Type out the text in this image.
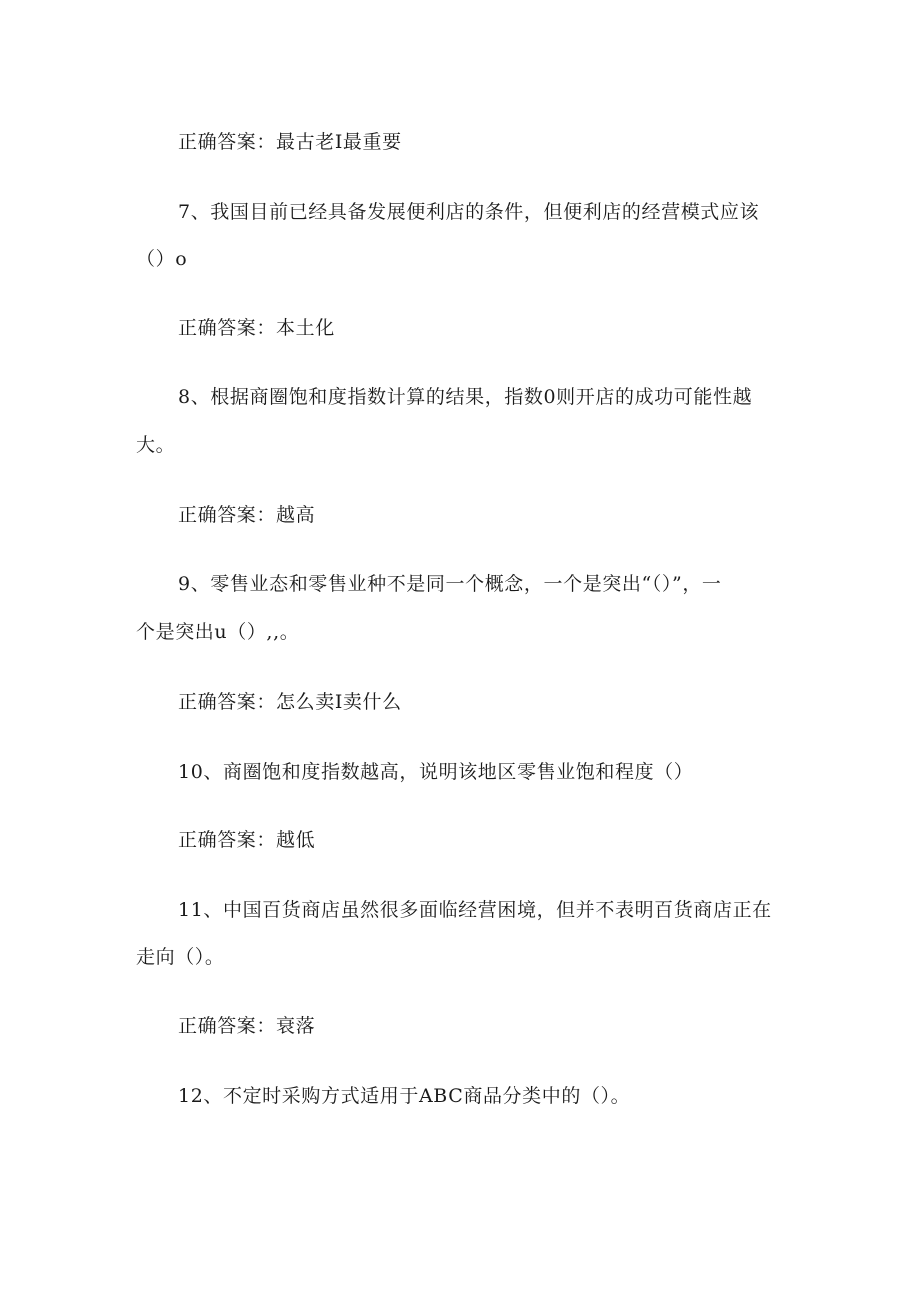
正确答案：最古老Ⅰ最重要
7、我国目前已经具备发展便利店的条件，但便利店的经营模式应该
（）o
正确答案：本土化
8、根据商圈饱和度指数计算的结果，指数0则开店的成功可能性越
大。
正确答案：越高
9、零售业态和零售业种不是同一个概念，一个是突出“（）”，一
个是突出u（）,,。
正确答案：怎么卖Ⅰ卖什么
10、商圈饱和度指数越高，说明该地区零售业饱和程度（）
正确答案：越低
11、中国百货商店虽然很多面临经营困境，但并不表明百货商店正在
走向（）。
正确答案：衰落
12、不定时采购方式适用于ABC商品分类中的（）。
